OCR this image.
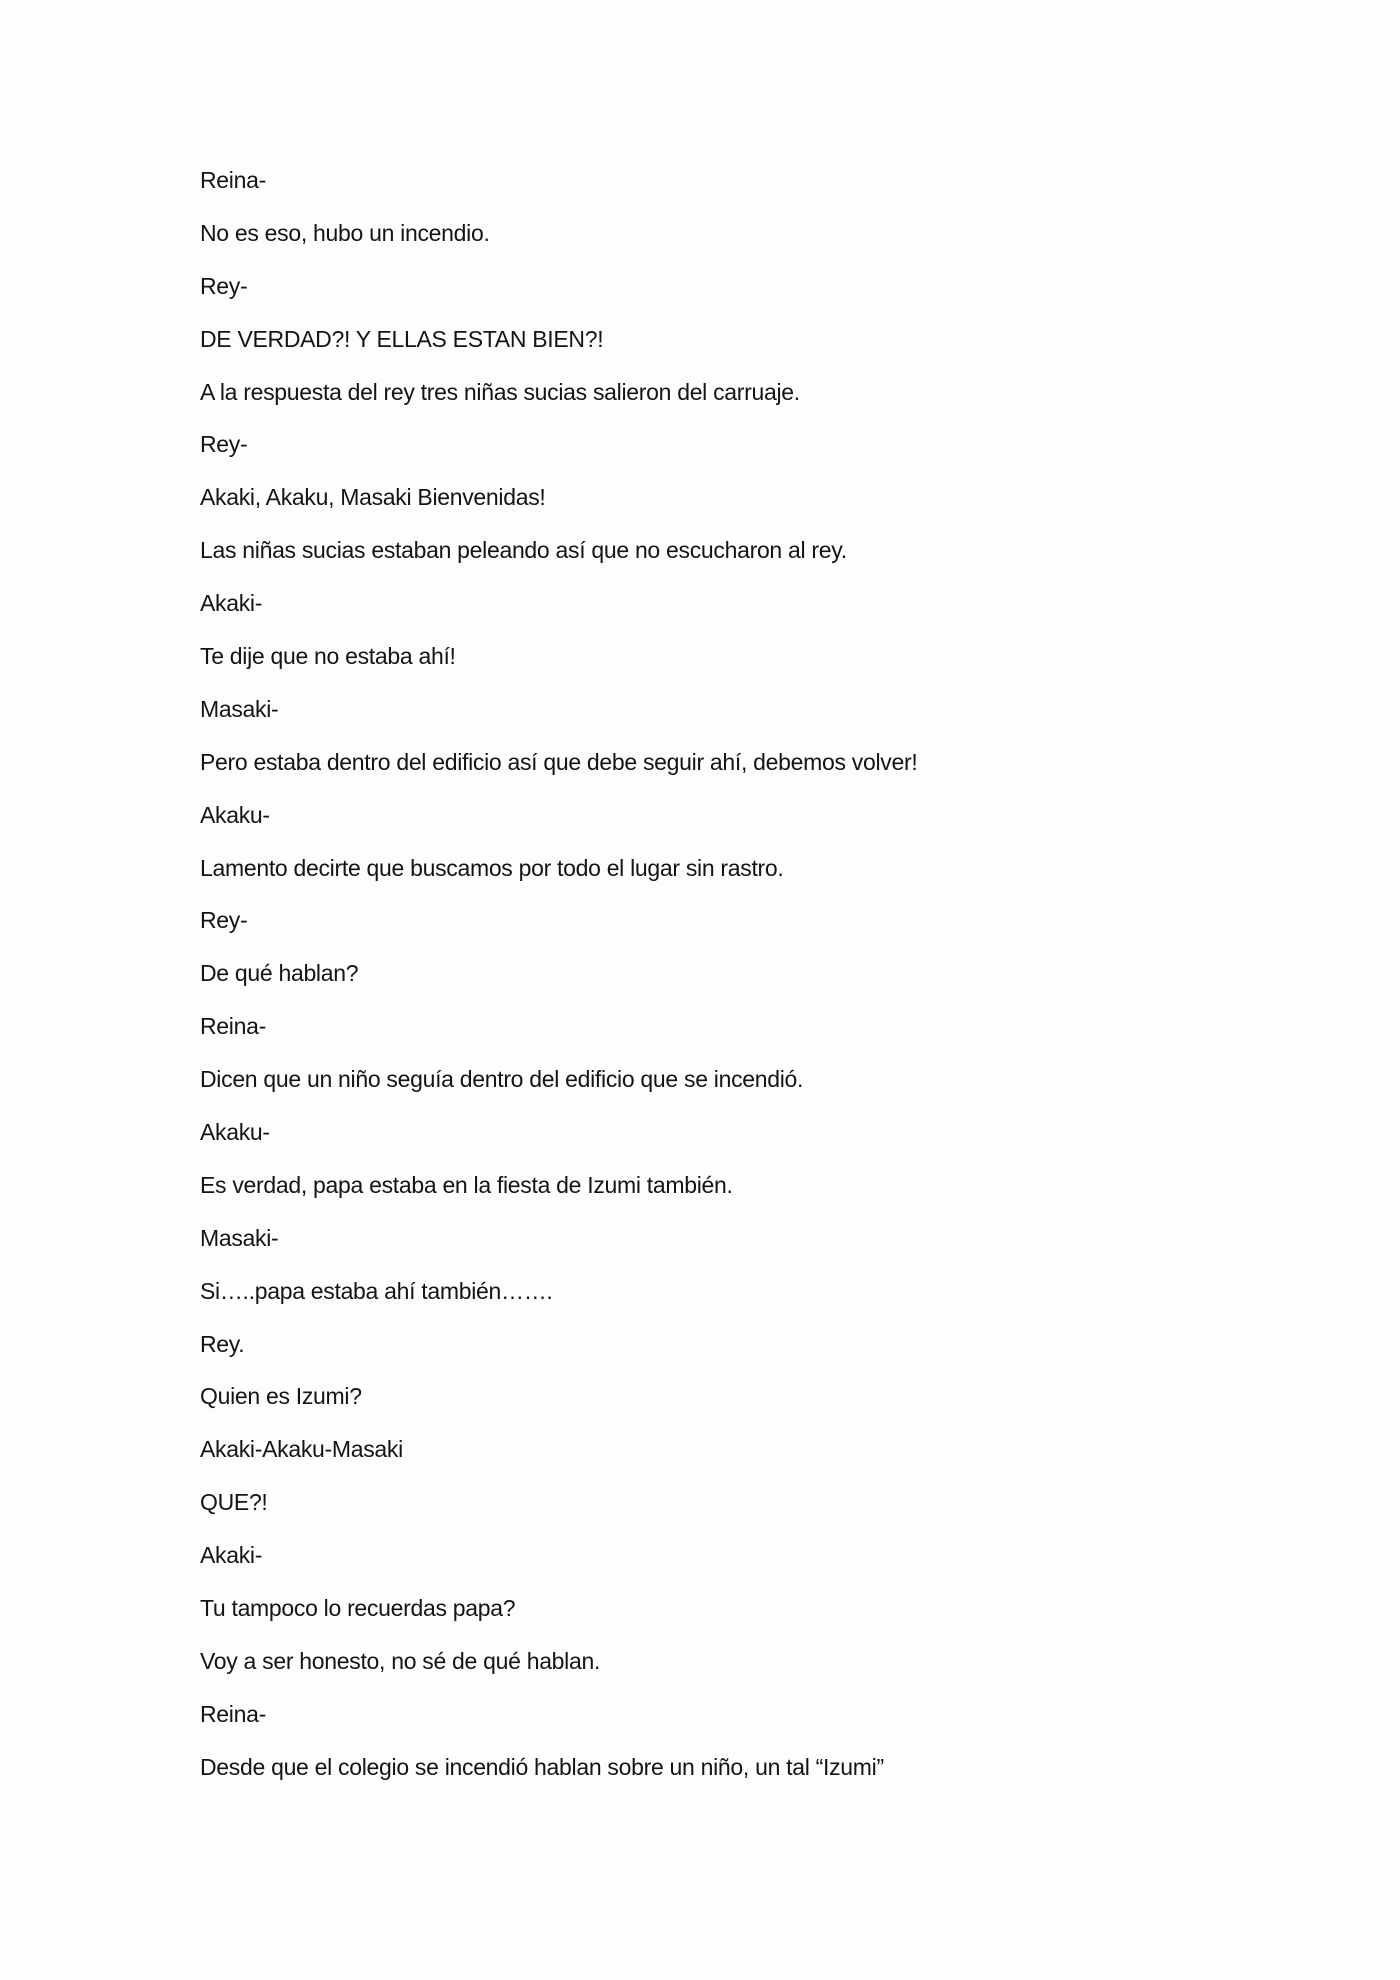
Reina-
No es eso, hubo un incendio.
Rey-
DE VERDAD?! Y ELLAS ESTAN BIEN?!
A la respuesta del rey tres niñas sucias salieron del carruaje.
Rey-
Akaki, Akaku, Masaki Bienvenidas!
Las niñas sucias estaban peleando así que no escucharon al rey.
Akaki-
Te dije que no estaba ahí!
Masaki-
Pero estaba dentro del edificio así que debe seguir ahí, debemos volver!
Akaku-
Lamento decirte que buscamos por todo el lugar sin rastro.
Rey-
De qué hablan?
Reina-
Dicen que un niño seguía dentro del edificio que se incendió.
Akaku-
Es verdad, papa estaba en la fiesta de Izumi también.
Masaki-
Si…..papa estaba ahí también…….
Rey.
Quien es Izumi?
Akaki-Akaku-Masaki
QUE?!
Akaki-
Tu tampoco lo recuerdas papa?
Voy a ser honesto, no sé de qué hablan.
Reina-
Desde que el colegio se incendió hablan sobre un niño, un tal “Izumi”
